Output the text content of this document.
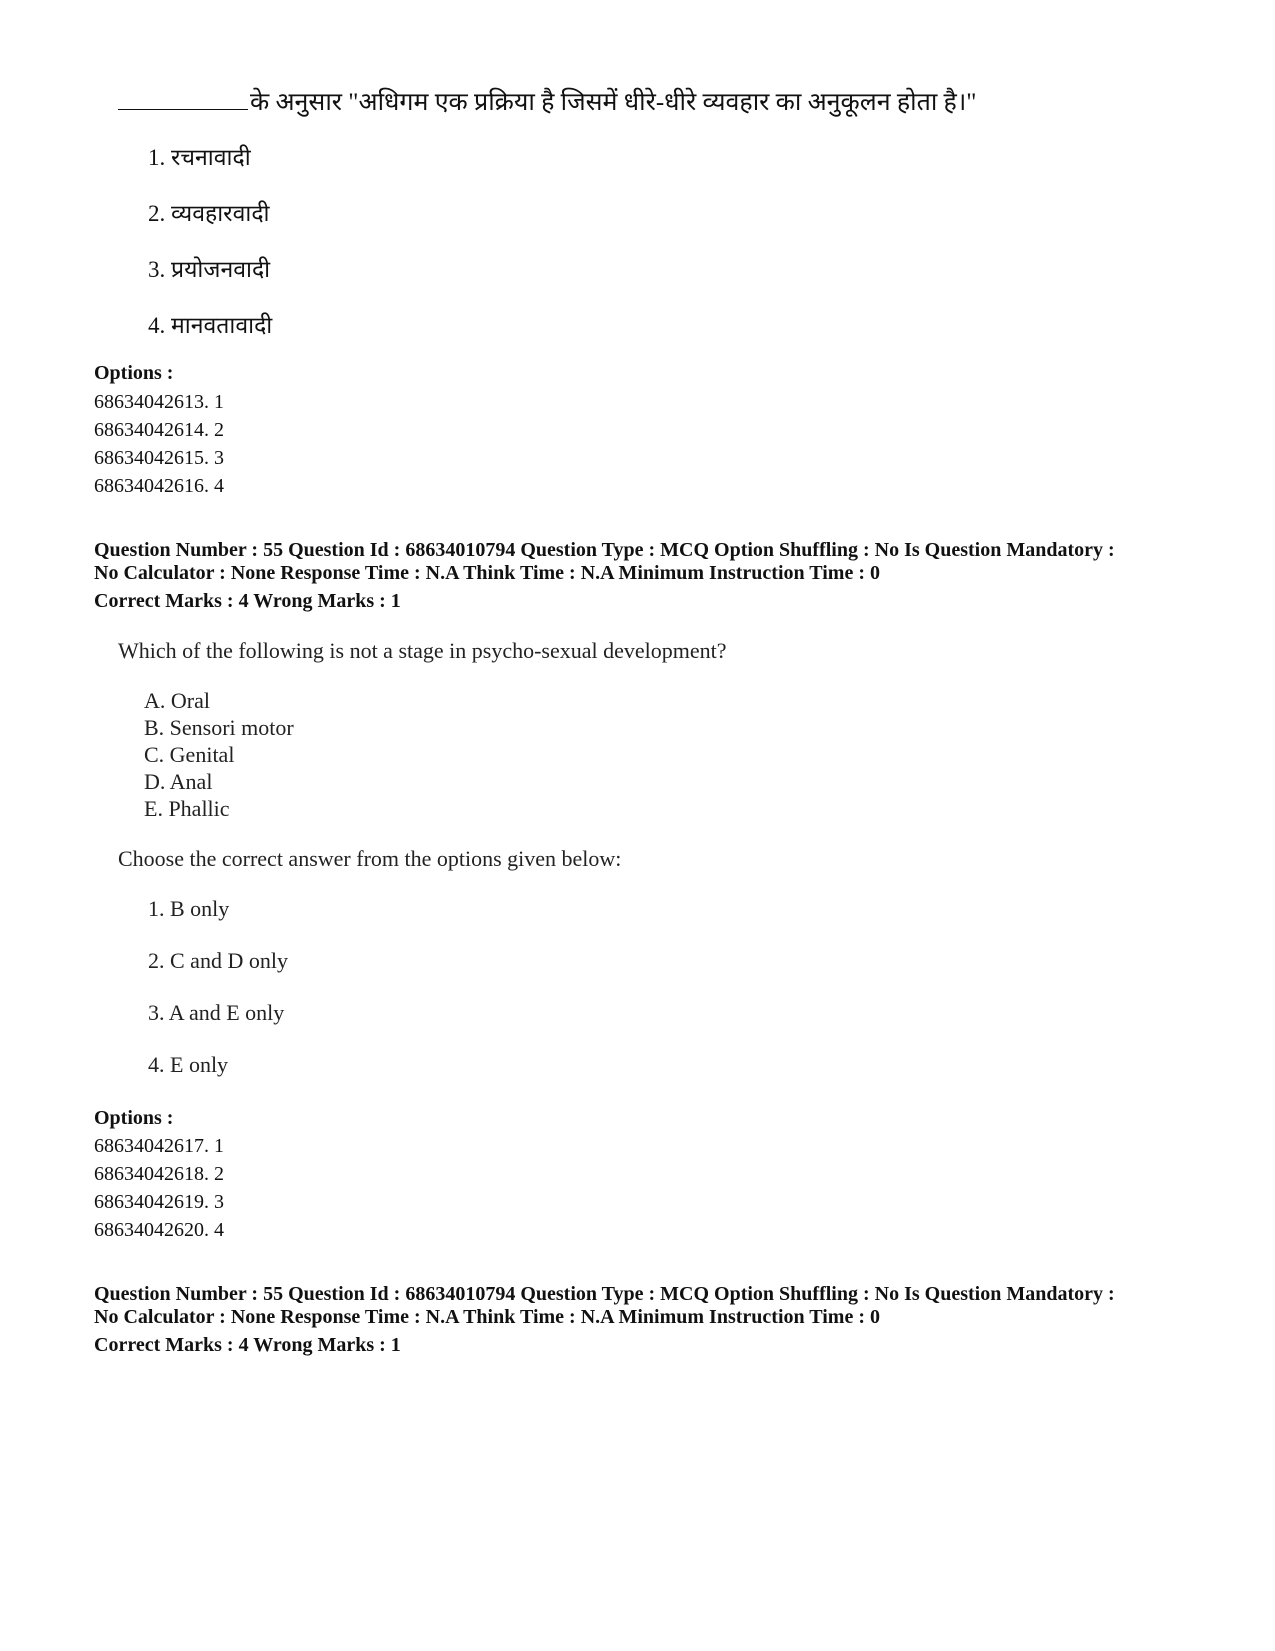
के अनुसार "अधिगम एक प्रक्रिया है जिसमें धीरे-धीरे व्यवहार का अनुकूलन होता है।"
1. रचनावादी
2. व्यवहारवादी
3. प्रयोजनवादी
4. मानवतावादी
Options :
68634042613. 1
68634042614. 2
68634042615. 3
68634042616. 4
Question Number : 55 Question Id : 68634010794 Question Type : MCQ Option Shuffling : No Is Question Mandatory :
No Calculator : None Response Time : N.A Think Time : N.A Minimum Instruction Time : 0
Correct Marks : 4 Wrong Marks : 1
Which of the following is not a stage in psycho-sexual development?
A. Oral
B. Sensori motor
C. Genital
D. Anal
E. Phallic
Choose the correct answer from the options given below:
1. B only
2. C and D only
3. A and E only
4. E only
Options :
68634042617. 1
68634042618. 2
68634042619. 3
68634042620. 4
Question Number : 55 Question Id : 68634010794 Question Type : MCQ Option Shuffling : No Is Question Mandatory :
No Calculator : None Response Time : N.A Think Time : N.A Minimum Instruction Time : 0
Correct Marks : 4 Wrong Marks : 1
